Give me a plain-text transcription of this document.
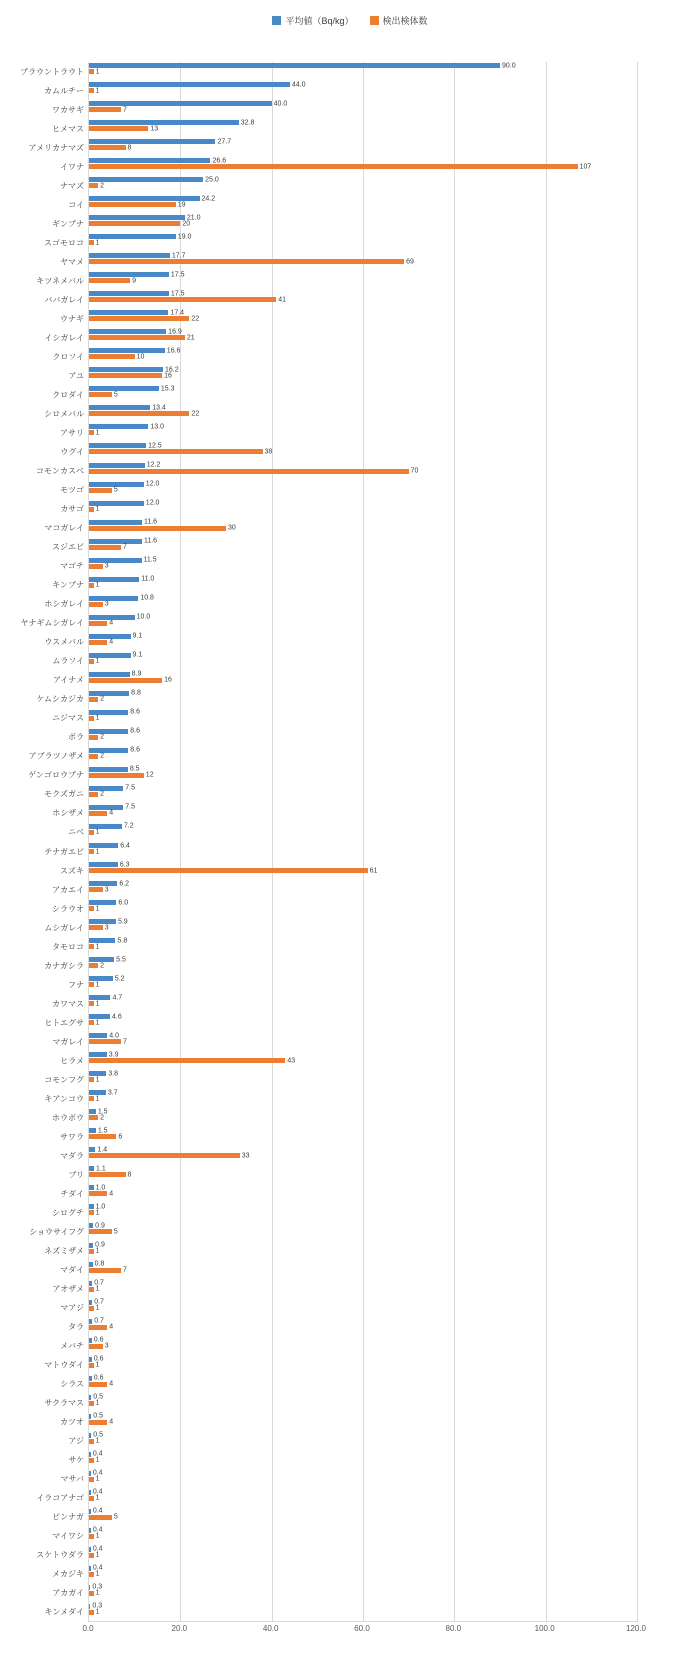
平均値（Bq/kg）	検出検体数
ブラウントラウト
90.0
1
カムルチー
44.0
1
ワカサギ
40.0
7
ヒメマス
32.8
13
アメリカナマズ
27.7
8
イワナ
26.6
107
ナマズ
25.0
2
コイ
24.2
19
ギンブナ
21.0
20
スゴモロコ
19.0
1
ヤマメ
17.7
69
キツネメバル
17.5
9
ババガレイ
17.5
41
ウナギ
17.4
22
イシガレイ
16.9
21
クロソイ
16.6
10
アユ
16.2
16
クロダイ
15.3
5
シロメバル
13.4
22
アサリ
13.0
1
ウグイ
12.5
38
コモンカスベ
12.2
70
モツゴ
12.0
5
カサゴ
12.0
1
マコガレイ
11.6
30
スジエビ
11.6
7
マゴチ
11.5
3
キンブナ
11.0
1
ホシガレイ
10.8
3
ヤナギムシガレイ
10.0
4
ウスメバル
9.1
4
ムラソイ
9.1
1
アイナメ
8.9
16
ケムシカジカ
8.8
2
ニジマス
8.6
1
ボラ
8.6
2
アブラツノザメ
8.6
2
ゲンゴロウブナ
8.5
12
モクズガニ
7.5
2
ホシザメ
7.5
4
ニベ
7.2
1
テナガエビ
6.4
1
スズキ
6.3
61
アカエイ
6.2
3
シラウオ
6.0
1
ムシガレイ
5.9
3
タモロコ
5.8
1
カナガシラ
5.5
2
フナ
5.2
1
カワマス
4.7
1
ヒトエグサ
4.6
1
マガレイ
4.0
7
ヒラメ
3.9
43
コモンフグ
3.8
1
キアンコウ
3.7
1
ホウボウ
1.5
2
サワラ
1.5
6
マダラ
1.4
33
ブリ
1.1
8
チダイ
1.0
4
シログチ
1.0
1
ショウサイフグ
0.9
5
ネズミザメ
0.9
1
マダイ
0.8
7
アオザメ
0.7
1
マアジ
0.7
1
タラ
0.7
4
メバチ
0.6
3
マトウダイ
0.6
1
シラス
0.6
4
サクラマス
0.5
1
カツオ
0.5
4
アジ
0.5
1
サケ
0.4
1
マサバ
0.4
1
イラコアナゴ
0.4
1
ビンナガ
0.4
5
マイワシ
0.4
1
スケトウダラ
0.4
1
メカジキ
0.4
1
アカガイ
0.3
1
キンメダイ
0.3
1
0.0	20.0	40.0	60.0	80.0	100.0	120.0
